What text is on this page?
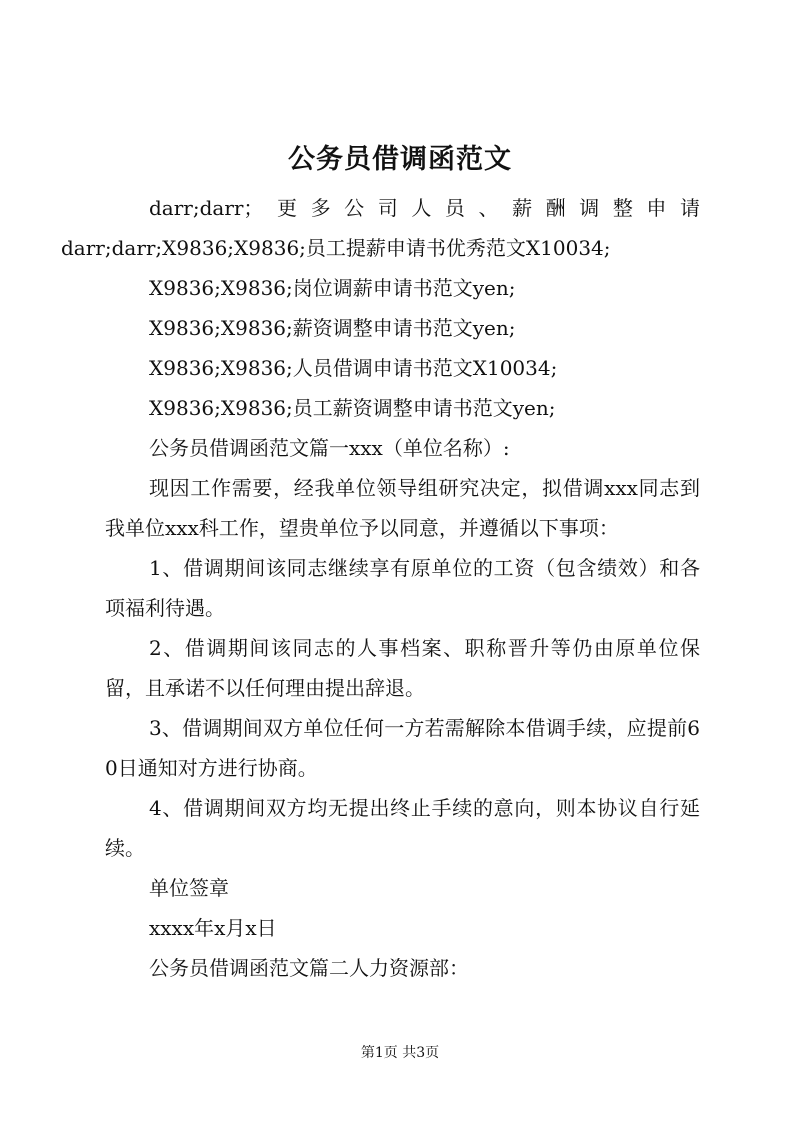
公务员借调函范文

darr;darr；更多公司人员、薪酬调整申请

darr;darr;X9836;X9836;员工提薪申请书优秀范文X10034;

X9836;X9836;岗位调薪申请书范文yen;

X9836;X9836;薪资调整申请书范文yen;

X9836;X9836;人员借调申请书范文X10034;

X9836;X9836;员工薪资调整申请书范文yen;

公务员借调函范文篇一xxx（单位名称）:

现因工作需要，经我单位领导组研究决定，拟借调xxx同志到我单位xxx科工作，望贵单位予以同意，并遵循以下事项：

1、借调期间该同志继续享有原单位的工资（包含绩效）和各项福利待遇。

2、借调期间该同志的人事档案、职称晋升等仍由原单位保留，且承诺不以任何理由提出辞退。

3、借调期间双方单位任何一方若需解除本借调手续，应提前60日通知对方进行协商。

4、借调期间双方均无提出终止手续的意向，则本协议自行延续。

单位签章

xxxx年x月x日

公务员借调函范文篇二人力资源部：

第1页 共3页
